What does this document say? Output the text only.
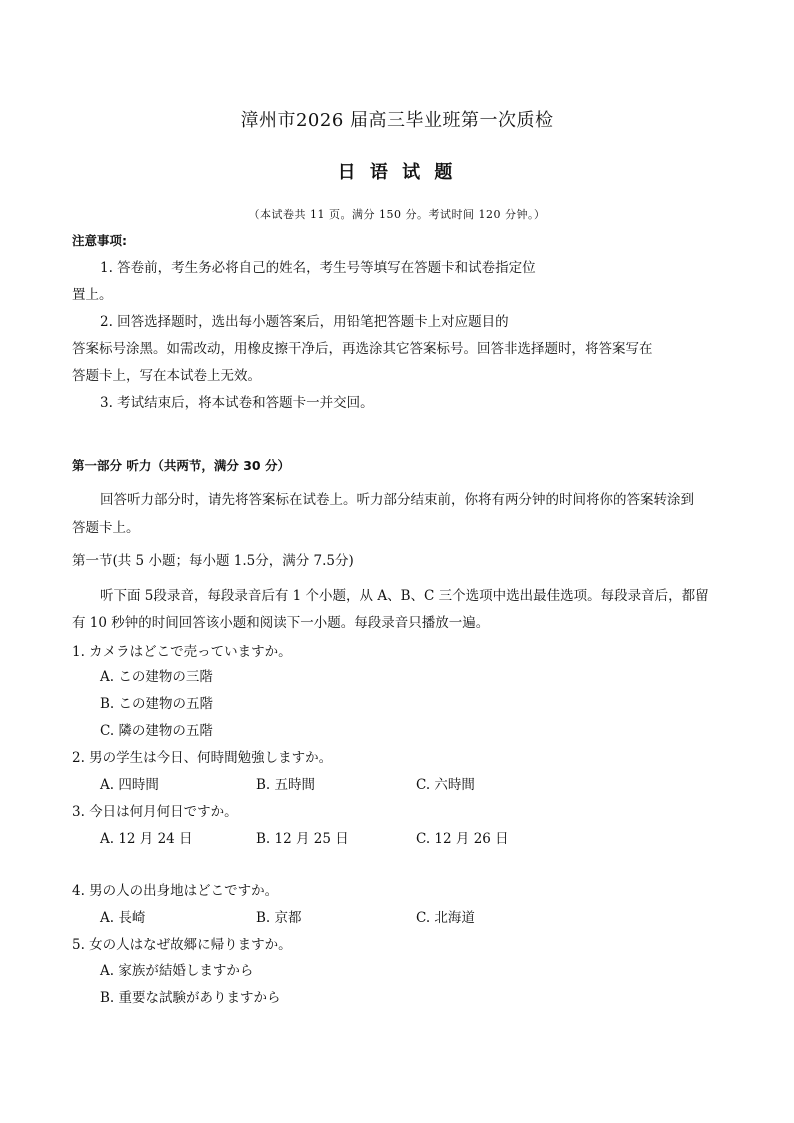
漳州市2026 届高三毕业班第一次质检
日 语 试 题
（本试卷共 11 页。满分 150 分。考试时间 120 分钟。）
注意事项:
1. 答卷前，考生务必将自己的姓名，考生号等填写在答题卡和试卷指定位
置上。
2. 回答选择题时，选出每小题答案后，用铅笔把答题卡上对应题目的
答案标号涂黑。如需改动，用橡皮擦干净后，再选涂其它答案标号。回答非选择题时，将答案写在
答题卡上，写在本试卷上无效。
3. 考试结束后，将本试卷和答题卡一并交回。
第一部分 听力（共两节，满分 30 分）
回答听力部分时，请先将答案标在试卷上。听力部分结束前，你将有两分钟的时间将你的答案转涂到
答题卡上。
第一节(共 5 小题；每小题 1.5分，满分 7.5分)
听下面 5段录音，每段录音后有 1 个小题，从 A、B、C 三个选项中选出最佳选项。每段录音后，都留
有 10 秒钟的时间回答该小题和阅读下一小题。每段录音只播放一遍。
1. カメラはどこで売っていますか。
A. この建物の三階
B. この建物の五階
C. 隣の建物の五階
2. 男の学生は今日、何時間勉強しますか。
A. 四時間	B. 五時間	C. 六時間
3. 今日は何月何日ですか。
A. 12 月 24 日	B. 12 月 25 日	C. 12 月 26 日
4. 男の人の出身地はどこですか。
A. 長崎	B. 京都	C. 北海道
5. 女の人はなぜ故郷に帰りますか。
A. 家族が結婚しますから
B. 重要な試験がありますから
